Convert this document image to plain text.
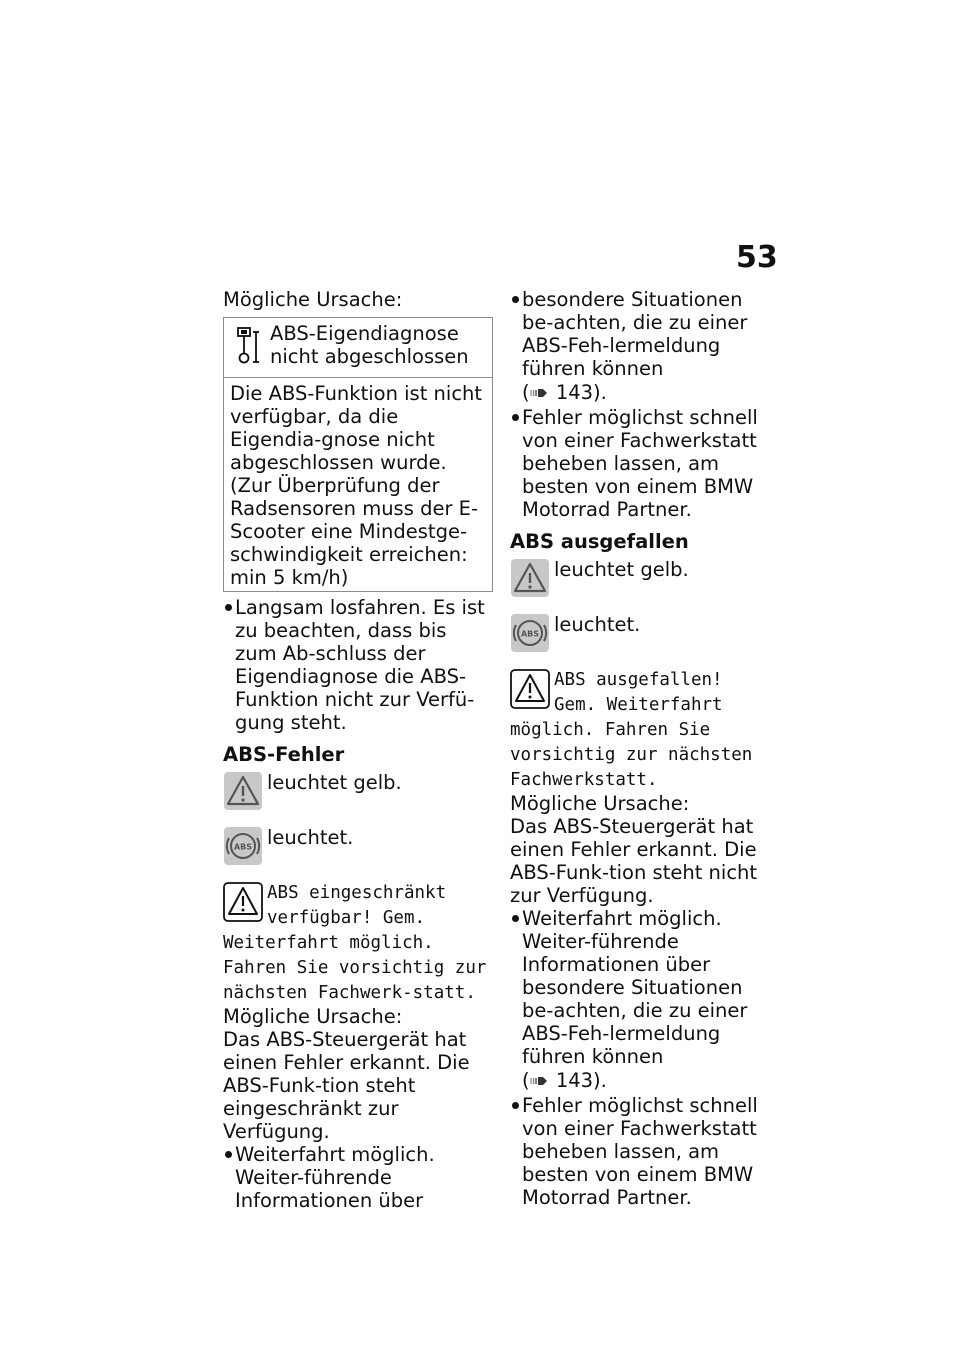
53

Mögliche Ursache:

ABS-Eigendiagnose
nicht abgeschlossen
Die ABS-Funktion ist nicht verfügbar, da die Eigendia-gnose nicht abgeschlossen wurde. (Zur Überprüfung der Radsensoren muss der E-Scooter eine Mindestge-schwindigkeit erreichen: min 5 km/h)
Langsam losfahren. Es ist zu beachten, dass bis zum Ab-schluss der Eigendiagnose die ABS-Funktion nicht zur Verfü-gung steht.

ABS-Fehler

leuchtet gelb.
ABS leuchtet.
ABS eingeschränkt verfügbar! Gem. Weiterfahrt möglich. Fahren Sie vorsichtig zur nächsten Fachwerk-statt.

Mögliche Ursache:

Das ABS-Steuergerät hat einen Fehler erkannt. Die ABS-Funk-tion steht eingeschränkt zur Verfügung.

Weiterfahrt möglich. Weiter-führende Informationen über
besondere Situationen be-achten, die zu einer ABS-Feh-lermeldung führen können
( 143).
Fehler möglichst schnell von einer Fachwerkstatt beheben lassen, am besten von einem BMW Motorrad Partner.

ABS ausgefallen

leuchtet gelb.
ABS leuchtet.
ABS ausgefallen! Gem. Weiterfahrt möglich. Fahren Sie vorsichtig zur nächsten Fachwerkstatt.

Mögliche Ursache:

Das ABS-Steuergerät hat einen Fehler erkannt. Die ABS-Funk-tion steht nicht zur Verfügung.

Weiterfahrt möglich. Weiter-führende Informationen über besondere Situationen be-achten, die zu einer ABS-Feh-lermeldung führen können
( 143).
Fehler möglichst schnell von einer Fachwerkstatt beheben lassen, am besten von einem BMW Motorrad Partner.
